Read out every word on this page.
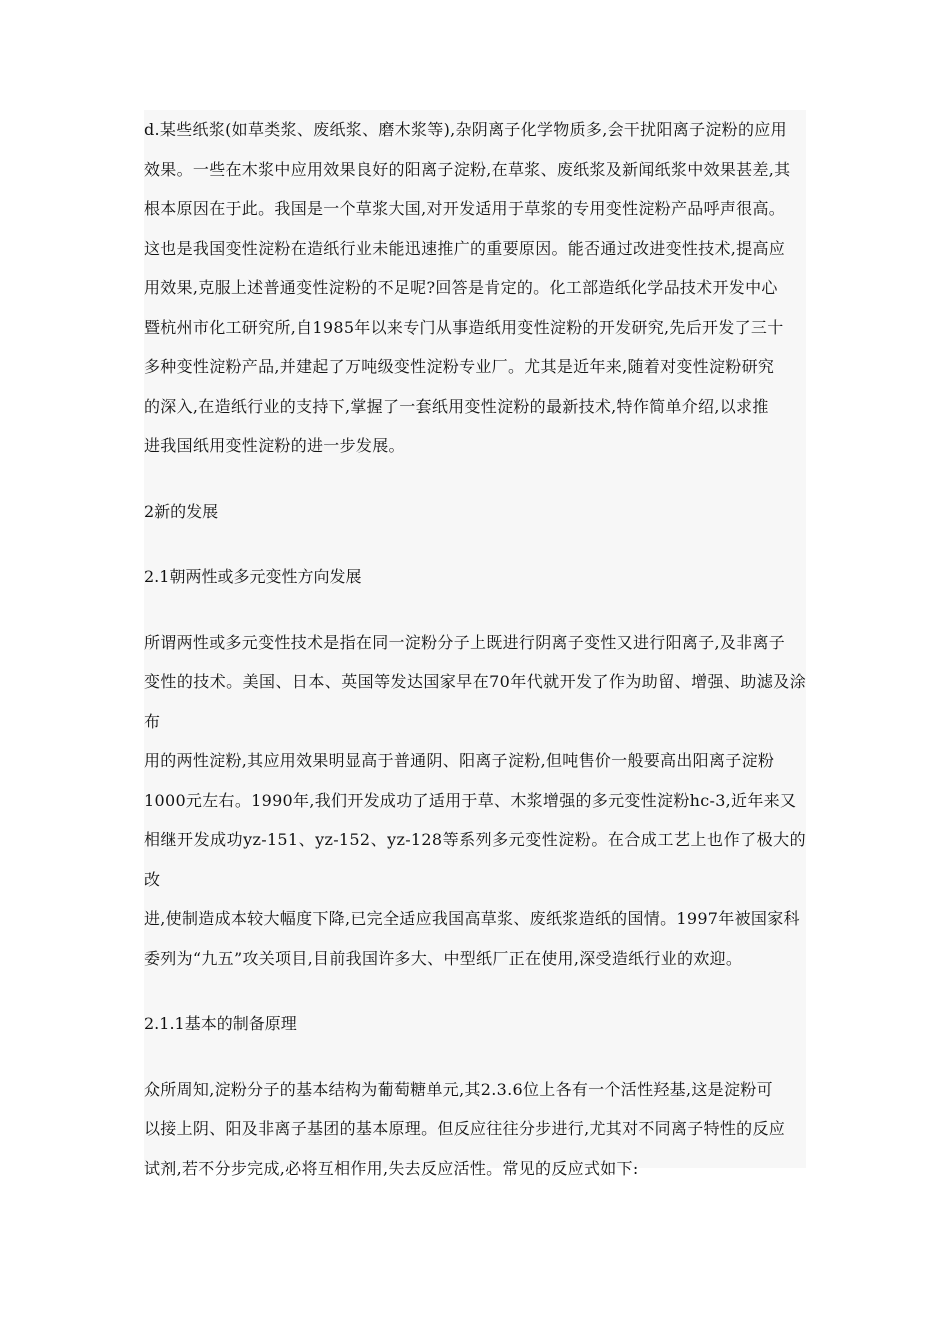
d.某些纸浆(如草类浆、废纸浆、磨木浆等),杂阴离子化学物质多,会干扰阳离子淀粉的应用
效果。一些在木浆中应用效果良好的阳离子淀粉,在草浆、废纸浆及新闻纸浆中效果甚差,其
根本原因在于此。我国是一个草浆大国,对开发适用于草浆的专用变性淀粉产品呼声很高。
这也是我国变性淀粉在造纸行业未能迅速推广的重要原因。能否通过改进变性技术,提高应
用效果,克服上述普通变性淀粉的不足呢?回答是肯定的。化工部造纸化学品技术开发中心
暨杭州市化工研究所,自1985年以来专门从事造纸用变性淀粉的开发研究,先后开发了三十
多种变性淀粉产品,并建起了万吨级变性淀粉专业厂。尤其是近年来,随着对变性淀粉研究
的深入,在造纸行业的支持下,掌握了一套纸用变性淀粉的最新技术,特作简单介绍,以求推
进我国纸用变性淀粉的进一步发展。
2新的发展
2.1朝两性或多元变性方向发展
所谓两性或多元变性技术是指在同一淀粉分子上既进行阴离子变性又进行阳离子,及非离子
变性的技术。美国、日本、英国等发达国家早在70年代就开发了作为助留、增强、助滤及涂布
用的两性淀粉,其应用效果明显高于普通阴、阳离子淀粉,但吨售价一般要高出阳离子淀粉
1000元左右。1990年,我们开发成功了适用于草、木浆增强的多元变性淀粉hc-3,近年来又
相继开发成功yz-151、yz-152、yz-128等系列多元变性淀粉。在合成工艺上也作了极大的改
进,使制造成本较大幅度下降,已完全适应我国高草浆、废纸浆造纸的国情。1997年被国家科
委列为“九五”攻关项目,目前我国许多大、中型纸厂正在使用,深受造纸行业的欢迎。
2.1.1基本的制备原理
众所周知,淀粉分子的基本结构为葡萄糖单元,其2.3.6位上各有一个活性羟基,这是淀粉可
以接上阴、阳及非离子基团的基本原理。但反应往往分步进行,尤其对不同离子特性的反应
试剂,若不分步完成,必将互相作用,失去反应活性。常见的反应式如下:
